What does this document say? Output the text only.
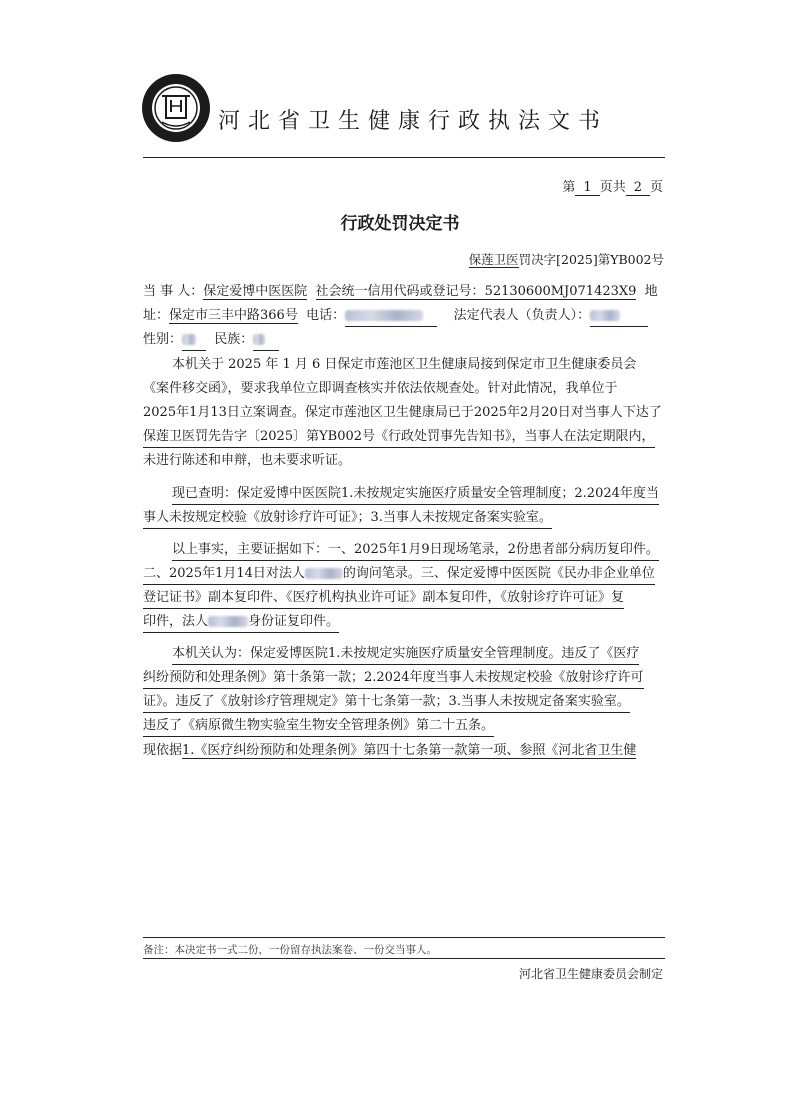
河北省卫生健康行政执法文书
第 1 页共 2 页
行政处罚决定书
保莲卫医罚决字[2025]第YB002号
当 事 人：保定爱博中医医院 社会统一信用代码或登记号：52130600MJ071423X9 地
址：保定市三丰中路366号 电话：	法定代表人（负责人）：
性别： 民族：
本机关于 2025 年 1 月 6 日保定市莲池区卫生健康局接到保定市卫生健康委员会
《案件移交函》，要求我单位立即调查核实并依法依规查处。针对此情况，我单位于
2025年1月13日立案调查。保定市莲池区卫生健康局已于2025年2月20日对当事人下达了
保莲卫医罚先告字〔2025〕第YB002号《行政处罚事先告知书》，当事人在法定期限内，
未进行陈述和申辩，也未要求听证。
现已查明：保定爱博中医医院1.未按规定实施医疗质量安全管理制度；2.2024年度当
事人未按规定校验《放射诊疗许可证》；3.当事人未按规定备案实验室。
以上事实，主要证据如下：一、2025年1月9日现场笔录，2份患者部分病历复印件。
二、2025年1月14日对法人	的询问笔录。三、保定爱博中医医院《民办非企业单位
登记证书》副本复印件、《医疗机构执业许可证》副本复印件，《放射诊疗许可证》复
印件，法人	身份证复印件。
本机关认为：保定爱博医院1.未按规定实施医疗质量安全管理制度。违反了《医疗
纠纷预防和处理条例》第十条第一款；2.2024年度当事人未按规定校验《放射诊疗许可
证》。违反了《放射诊疗管理规定》第十七条第一款；3.当事人未按规定备案实验室。
违反了《病原微生物实验室生物安全管理条例》第二十五条。
现依据1.《医疗纠纷预防和处理条例》第四十七条第一款第一项、参照《河北省卫生健
备注：本决定书一式二份，一份留存执法案卷、一份交当事人。
河北省卫生健康委员会制定
